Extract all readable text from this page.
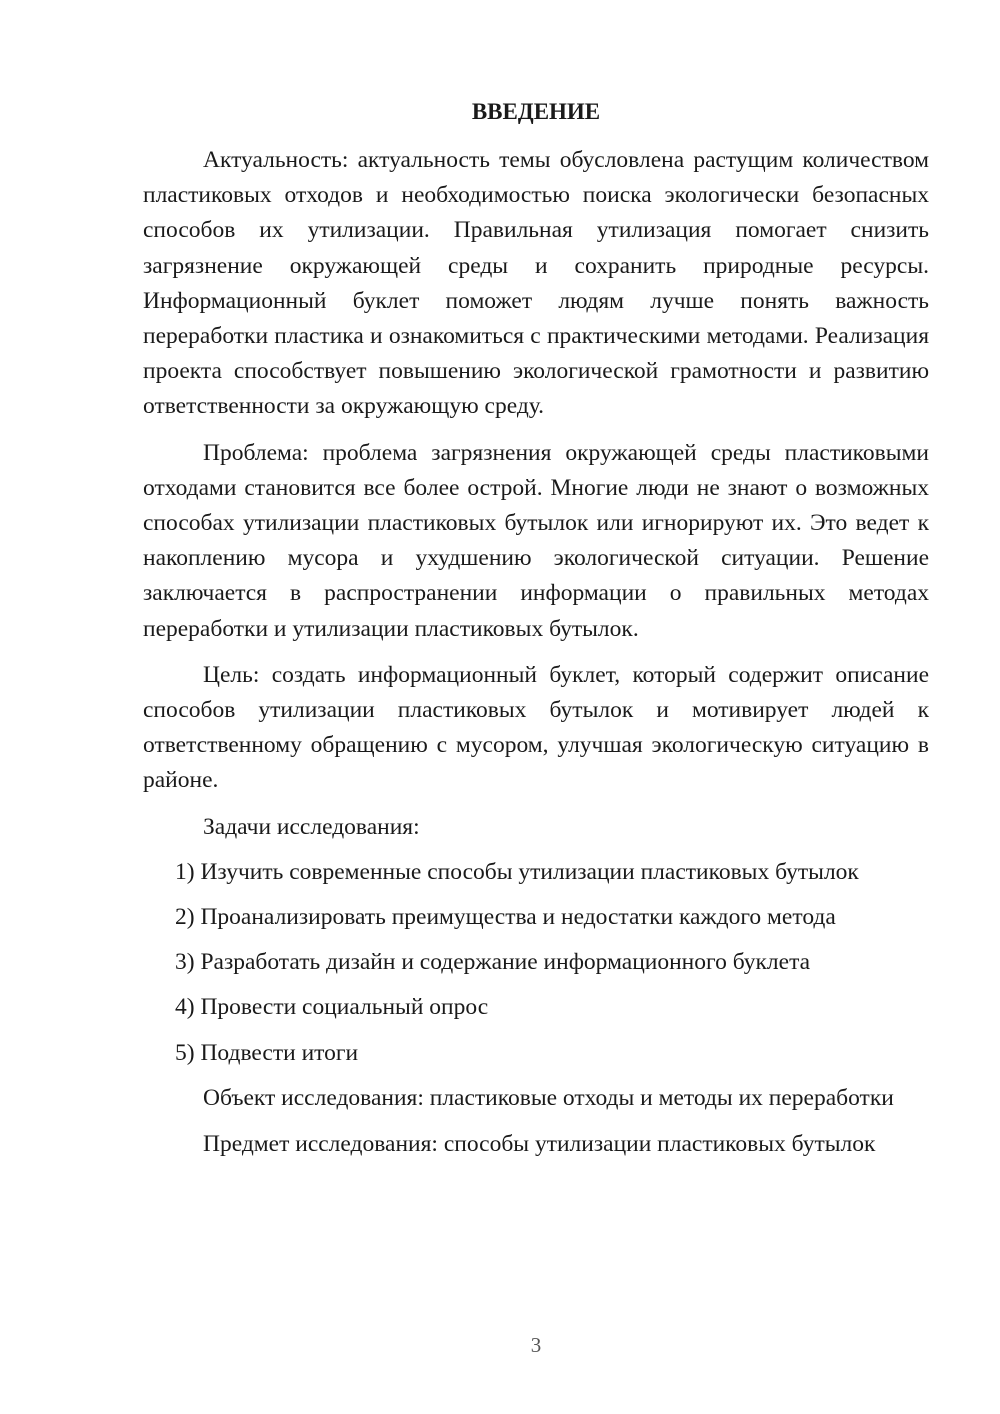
ВВЕДЕНИЕ

Актуальность: актуальность темы обусловлена растущим количеством пластиковых отходов и необходимостью поиска экологически безопасных способов их утилизации. Правильная утилизация помогает снизить загрязнение окружающей среды и сохранить природные ресурсы. Информационный буклет поможет людям лучше понять важность переработки пластика и ознакомиться с практическими методами. Реализация проекта способствует повышению экологической грамотности и развитию ответственности за окружающую среду.

Проблема: проблема загрязнения окружающей среды пластиковыми отходами становится все более острой. Многие люди не знают о возможных способах утилизации пластиковых бутылок или игнорируют их. Это ведет к накоплению мусора и ухудшению экологической ситуации. Решение заключается в распространении информации о правильных методах переработки и утилизации пластиковых бутылок.

Цель: создать информационный буклет, который содержит описание способов утилизации пластиковых бутылок и мотивирует людей к ответственному обращению с мусором, улучшая экологическую ситуацию в районе.

Задачи исследования:

1) Изучить современные способы утилизации пластиковых бутылок

2) Проанализировать преимущества и недостатки каждого метода

3) Разработать дизайн и содержание информационного буклета

4) Провести социальный опрос

5) Подвести итоги

Объект исследования: пластиковые отходы и методы их переработки

Предмет исследования: способы утилизации пластиковых бутылок

3
